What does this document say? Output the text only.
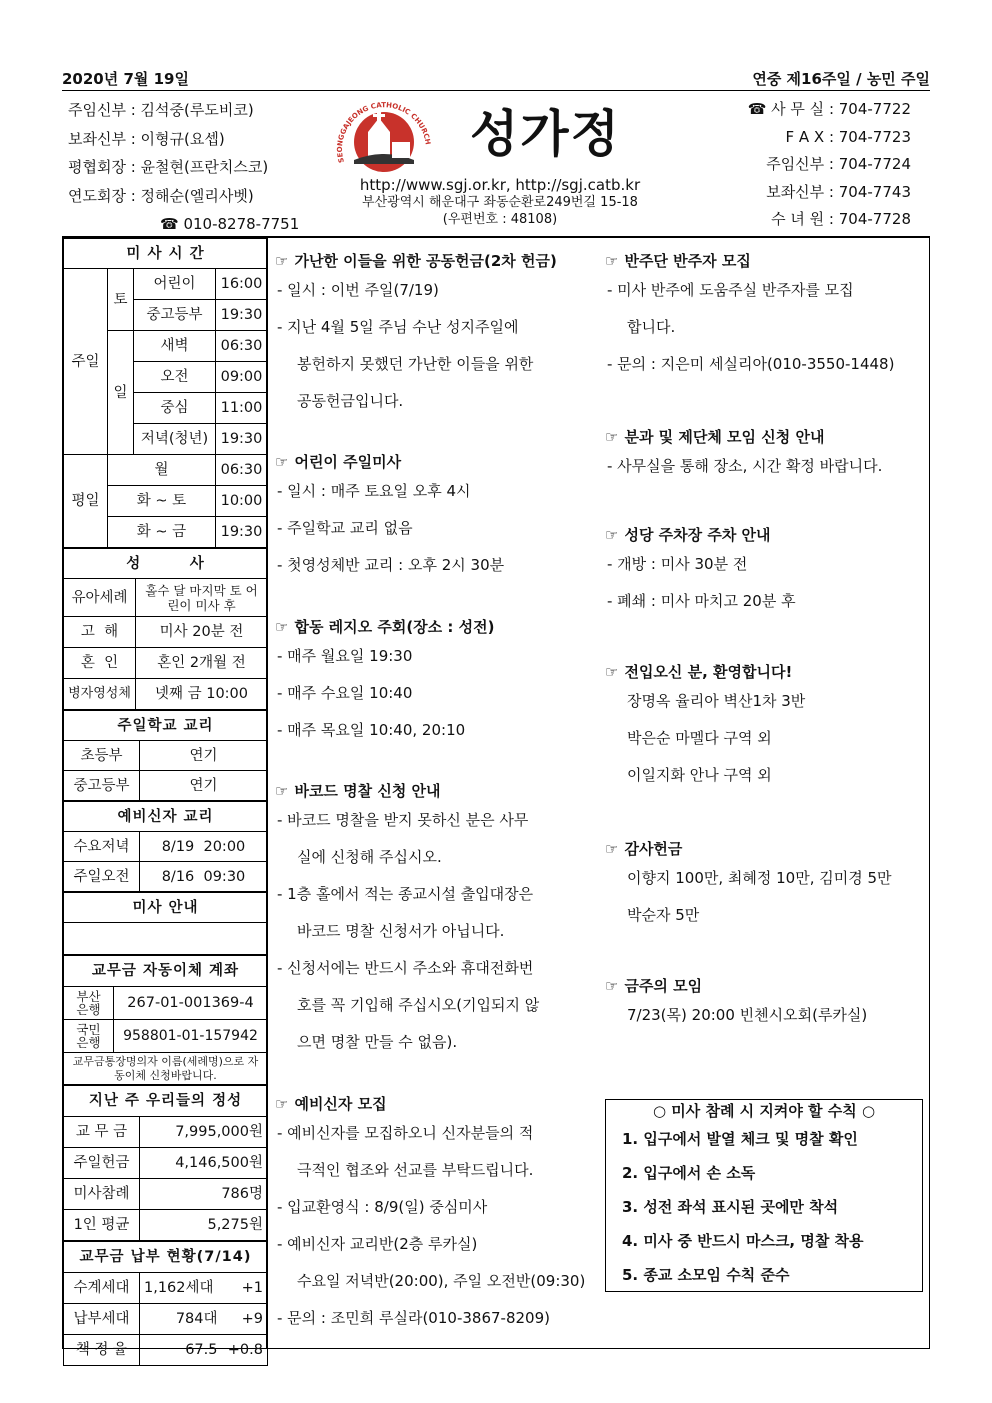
2020년 7월 19일	연중 제16주일 / 농민 주일
주임신부 : 김석중(루도비코)
보좌신부 : 이형규(요셉)
평협회장 : 윤철현(프란치스코)
연도회장 : 정해순(엘리사벳)
☎ 010-8278-7751
SEONGGAJEONG CATHOLIC CHURCH 성가정
http://www.sgj.or.kr, http://sgj.catb.kr
부산광역시 해운대구 좌동순환로249번길 15-18
(우편번호 : 48108)
☎ 사 무 실 : 704-7722
F A X : 704-7723
주임신부 : 704-7724
보좌신부 : 704-7743
수 녀 원 : 704-7728
미 사 시 간			
주일	토	어린이	16:00
		중고등부	19:30
	일	새벽	06:30
		오전	09:00
		중심	11:00
		저녁(청년)	19:30
평일	월		06:30
	화 ~ 토		10:00
	화 ~ 금		19:30
성        사	
유아세례	홀수 달 마지막 토 어린이 미사 후
고  해	미사 20분 전
혼  인	혼인 2개월 전
병자영성체	넷째 금 10:00
주일학교 교리	
초등부	연기
중고등부	연기
예비신자 교리	
수요저녁	8/19  20:00
주일오전	8/16  09:30
미사 안내

교무금 자동이체 계좌	
부산 은행	267-01-001369-4
국민 은행	958801-01-157942
교무금통장명의자 이름(세례명)으로 자동이체 신청바랍니다.	
지난 주 우리들의 정성	
교 무 금	7,995,000원
주일헌금	4,146,500원
미사참례	786명
1인 평균	5,275원
교무금 납부 현황(7/14)		
수계세대	1,162세대	+1
납부세대	784대	+9
책 정 율	67.5	+0.8
☞ 가난한 이들을 위한 공동헌금(2차 헌금)

- 일시 : 이번 주일(7/19)

- 지난 4월 5일 주님 수난 성지주일에

봉헌하지 못했던 가난한 이들을 위한

공동헌금입니다.

☞ 어린이 주일미사

- 일시 : 매주 토요일 오후 4시

- 주일학교 교리 없음

- 첫영성체반 교리 : 오후 2시 30분

☞ 합동 레지오 주회(장소 : 성전)

- 매주 월요일 19:30

- 매주 수요일 10:40

- 매주 목요일 10:40, 20:10

☞ 바코드 명찰 신청 안내

- 바코드 명찰을 받지 못하신 분은 사무

실에 신청해 주십시오.

- 1층 홀에서 적는 종교시설 출입대장은

바코드 명찰 신청서가 아닙니다.

- 신청서에는 반드시 주소와 휴대전화번

호를 꼭 기입해 주십시오(기입되지 않

으면 명찰 만들 수 없음).

☞ 예비신자 모집

- 예비신자를 모집하오니 신자분들의 적

극적인 협조와 선교를 부탁드립니다.

- 입교환영식 : 8/9(일) 중심미사

- 예비신자 교리반(2층 루카실)

수요일 저녁반(20:00), 주일 오전반(09:30)

- 문의 : 조민희 루실라(010-3867-8209)

☞ 반주단 반주자 모집

- 미사 반주에 도움주실 반주자를 모집

합니다.

- 문의 : 지은미 세실리아(010-3550-1448)

☞ 분과 및 제단체 모임 신청 안내

- 사무실을 통해 장소, 시간 확정 바랍니다.

☞ 성당 주차장 주차 안내

- 개방 : 미사 30분 전

- 폐쇄 : 미사 마치고 20분 후

☞ 전입오신 분, 환영합니다!

장명옥 율리아 벽산1차 3반

박은순 마멜다 구역 외

이일지화 안나 구역 외

☞ 감사헌금

이향지 100만, 최혜정 10만, 김미경 5만

박순자 5만

☞ 금주의 모임

7/23(목) 20:00 빈첸시오회(루카실)

○ 미사 참례 시 지켜야 할 수칙 ○

1. 입구에서 발열 체크 및 명찰 확인

2. 입구에서 손 소독

3. 성전 좌석 표시된 곳에만 착석

4. 미사 중 반드시 마스크, 명찰 착용

5. 종교 소모임 수칙 준수
